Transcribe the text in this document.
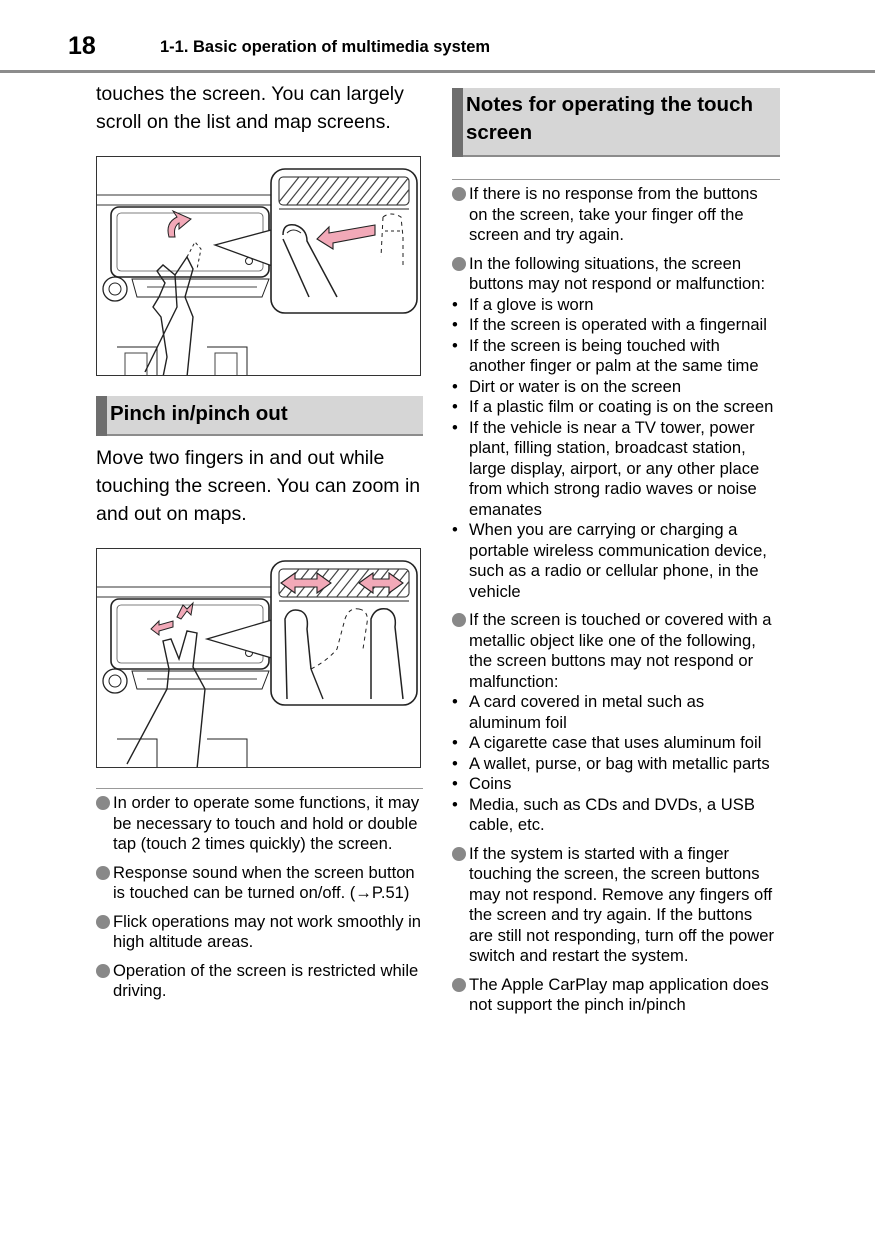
18	1-1. Basic operation of multimedia system

touches the screen. You can largely scroll on the list and map screens.

Pinch in/pinch out

Move two fingers in and out while touching the screen. You can zoom in and out on maps.

In order to operate some functions, it may be necessary to touch and hold or double tap (touch 2 times quickly) the screen.
Response sound when the screen button is touched can be turned on/off. (→P.51)
Flick operations may not work smoothly in high altitude areas.
Operation of the screen is restricted while driving.
Notes for operating the touch screen
If there is no response from the buttons on the screen, take your finger off the screen and try again.
In the following situations, the screen buttons may not respond or malfunction:
• If a glove is worn
• If the screen is operated with a fingernail
• If the screen is being touched with another finger or palm at the same time
• Dirt or water is on the screen
• If a plastic film or coating is on the screen
• If the vehicle is near a TV tower, power plant, filling station, broadcast station, large display, airport, or any other place from which strong radio waves or noise emanates
• When you are carrying or charging a portable wireless communication device, such as a radio or cellular phone, in the vehicle
If the screen is touched or covered with a metallic object like one of the following, the screen buttons may not respond or malfunction:
• A card covered in metal such as aluminum foil
• A cigarette case that uses aluminum foil
• A wallet, purse, or bag with metallic parts
• Coins
• Media, such as CDs and DVDs, a USB cable, etc.
If the system is started with a finger touching the screen, the screen buttons may not respond. Remove any fingers off the screen and try again. If the buttons are still not responding, turn off the power switch and restart the system.
The Apple CarPlay map application does not support the pinch in/pinch
